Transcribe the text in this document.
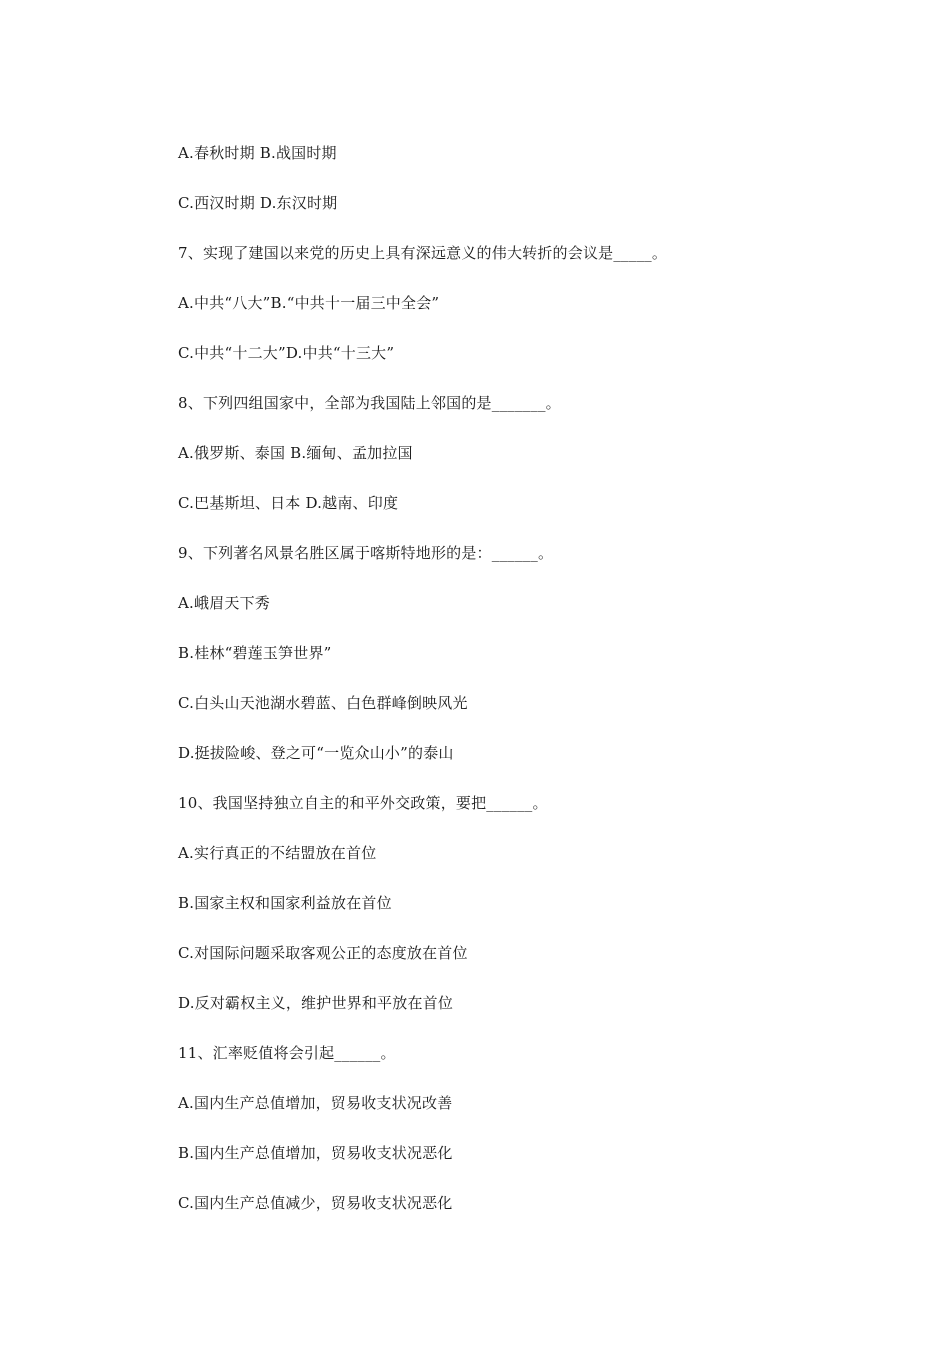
A.春秋时期 B.战国时期
C.西汉时期 D.东汉时期
7、实现了建国以来党的历史上具有深远意义的伟大转折的会议是_____。
A.中共“八大”B.“中共十一届三中全会”
C.中共“十二大”D.中共“十三大”
8、下列四组国家中，全部为我国陆上邻国的是_______。
A.俄罗斯、泰国 B.缅甸、孟加拉国
C.巴基斯坦、日本 D.越南、印度
9、下列著名风景名胜区属于喀斯特地形的是：______。
A.峨眉天下秀
B.桂林“碧莲玉笋世界”
C.白头山天池湖水碧蓝、白色群峰倒映风光
D.挺拔险峻、登之可“一览众山小”的泰山
10、我国坚持独立自主的和平外交政策，要把______。
A.实行真正的不结盟放在首位
B.国家主权和国家利益放在首位
C.对国际问题采取客观公正的态度放在首位
D.反对霸权主义，维护世界和平放在首位
11、汇率贬值将会引起______。
A.国内生产总值增加，贸易收支状况改善
B.国内生产总值增加，贸易收支状况恶化
C.国内生产总值减少，贸易收支状况恶化
